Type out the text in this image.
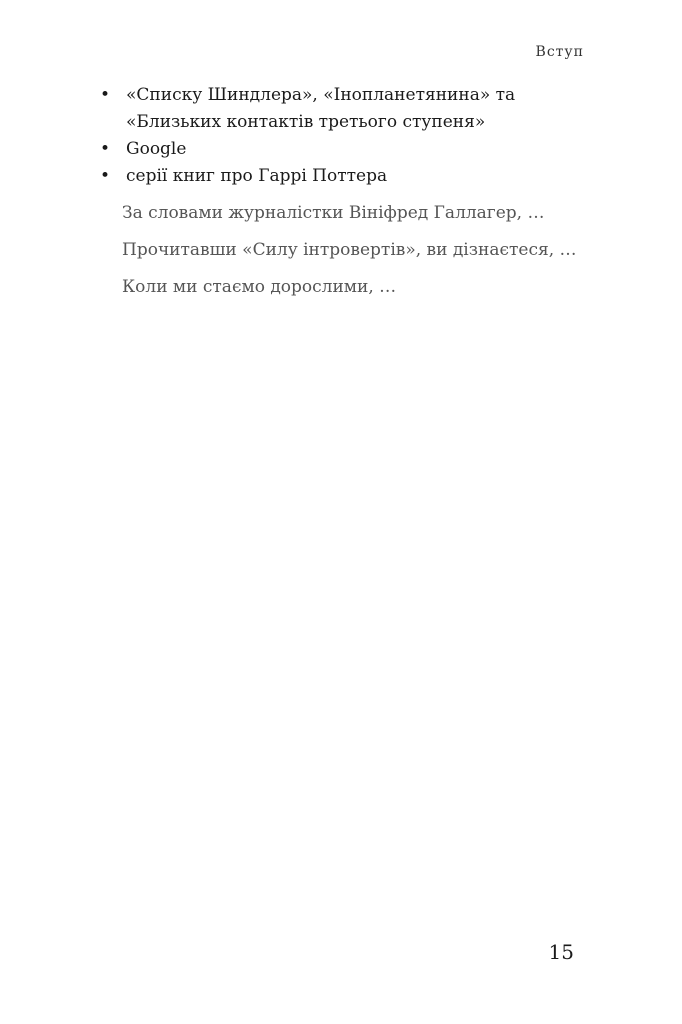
Вступ
• «Списку Шиндлера», «Інопланетянина» та «Близьких контактів третього ступеня»
• Google
• серії книг про Гаррі Поттера

За словами журналістки Вініфред Галлагер, …

Прочитавши «Силу інтровертів», ви дізнаєтеся, …

Коли ми стаємо дорослими, …

15
